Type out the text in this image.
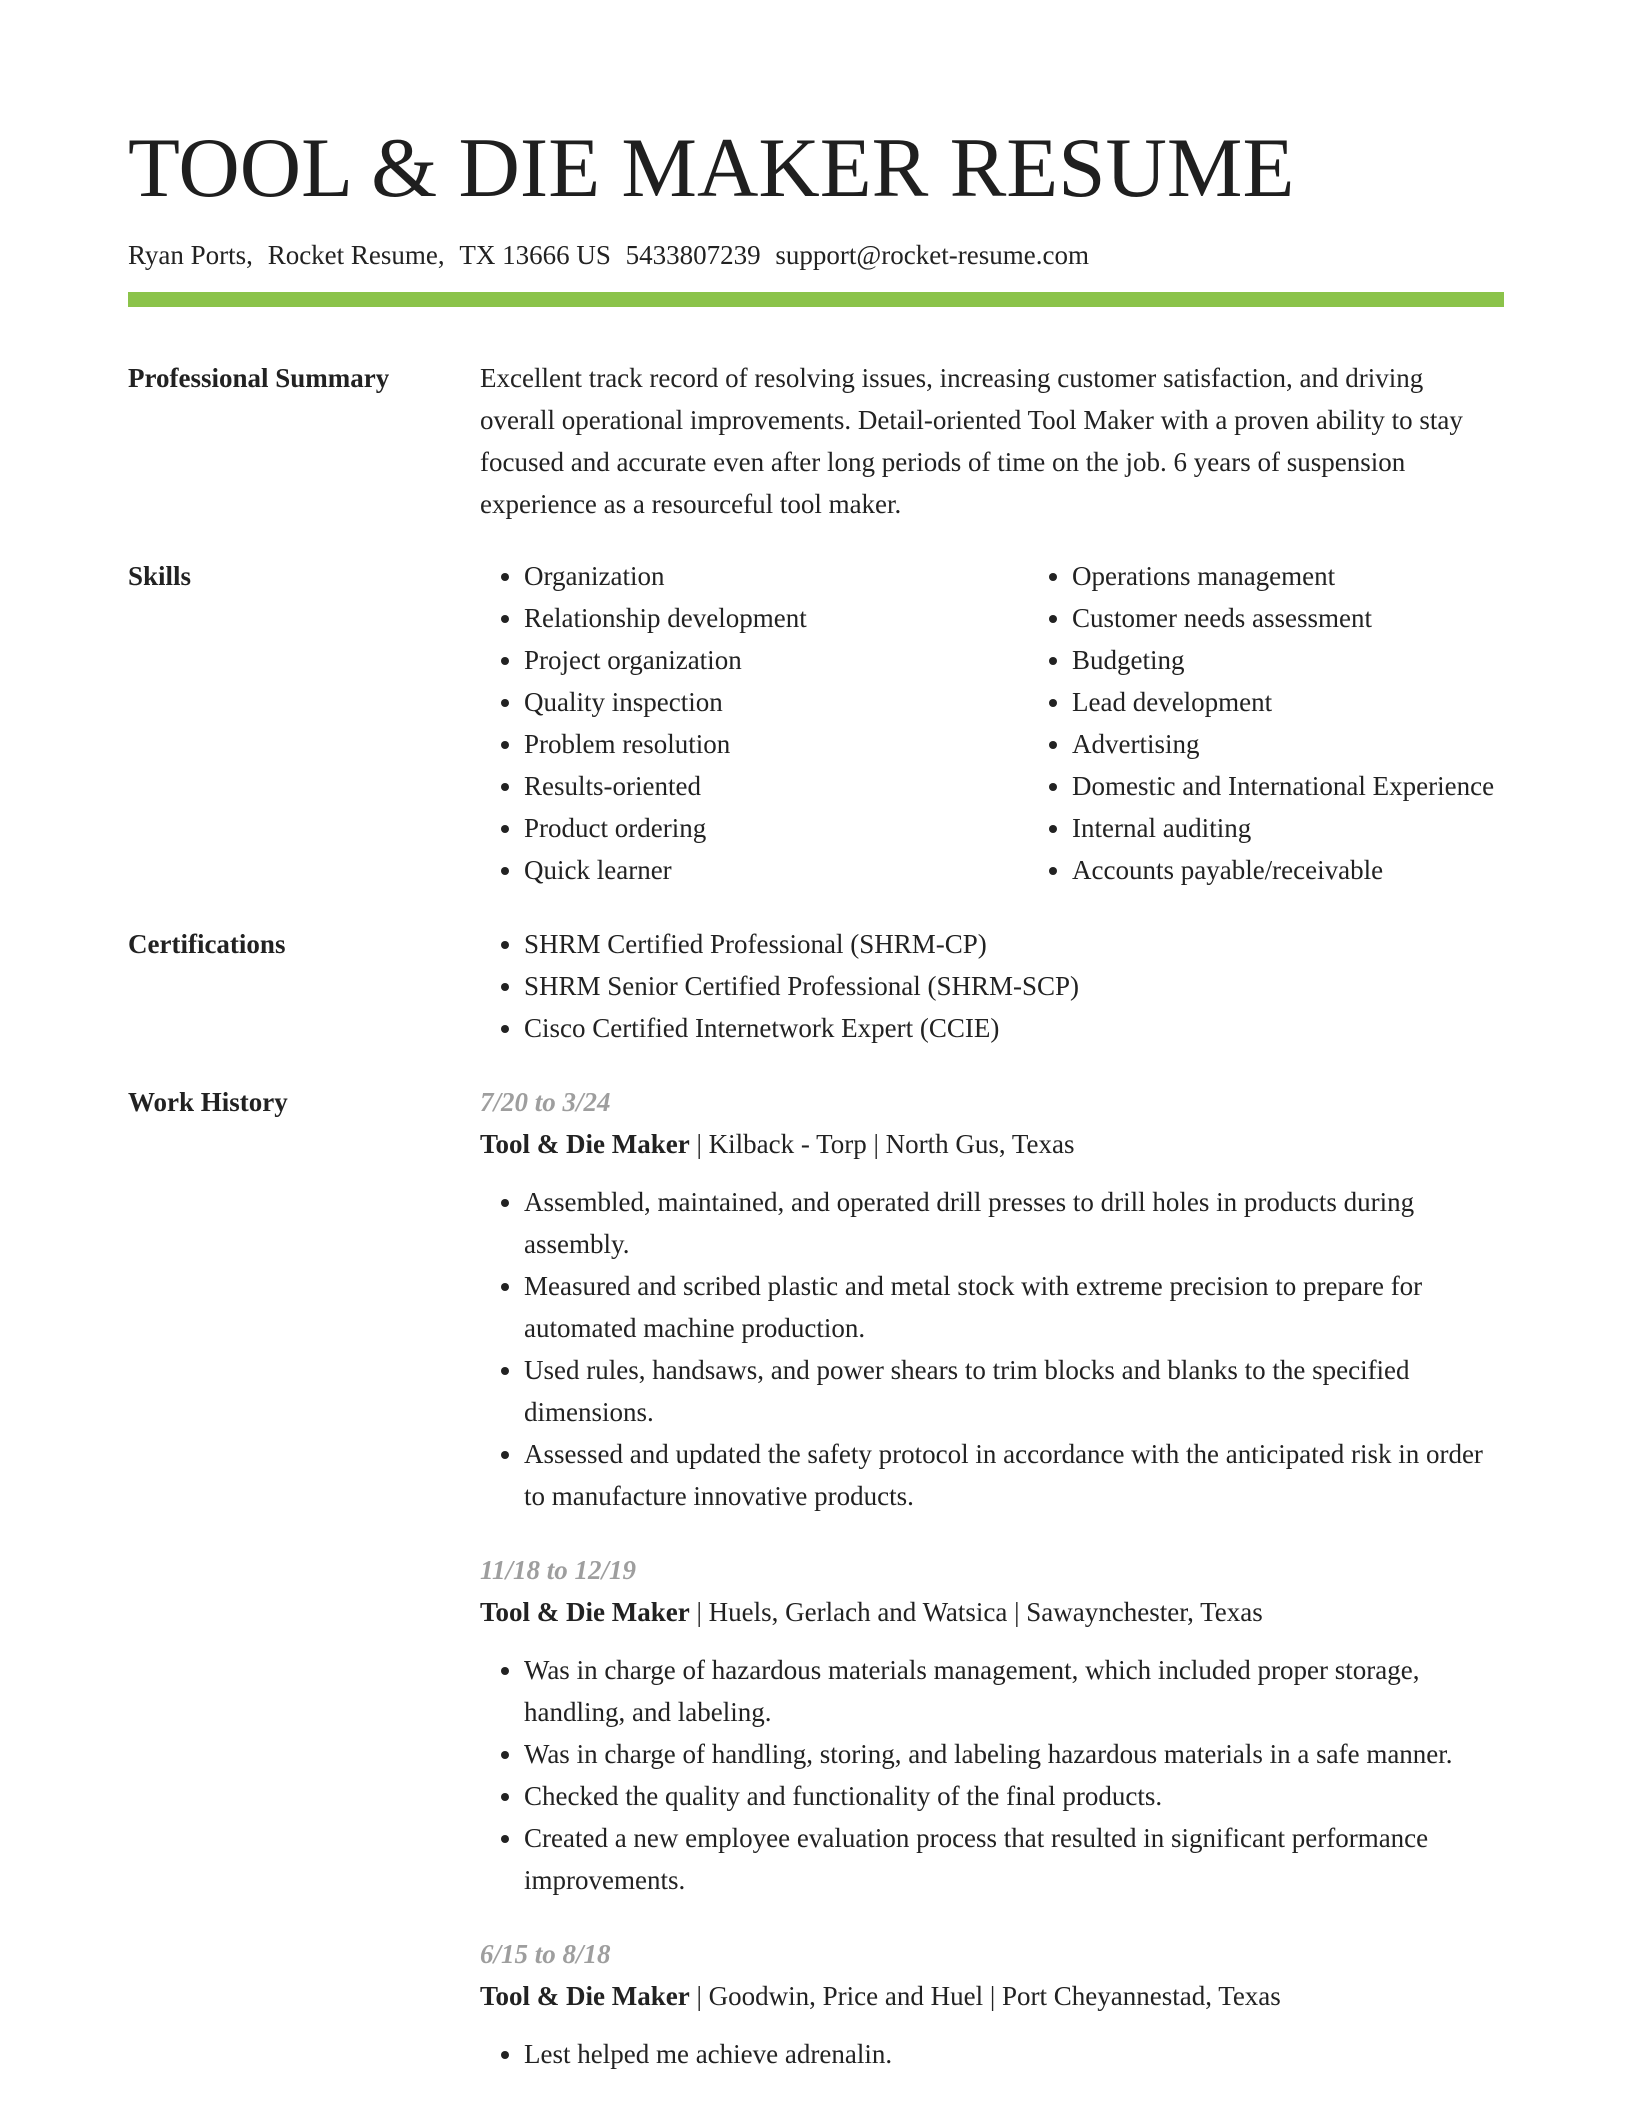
TOOL & DIE MAKER RESUME
Ryan Ports, Rocket Resume, TX 13666 US 5433807239 support@rocket-resume.com
Professional Summary	Excellent track record of resolving issues, increasing customer satisfaction, and driving overall operational improvements. Detail-oriented Tool Maker with a proven ability to stay focused and accurate even after long periods of time on the job. 6 years of suspension experience as a resourceful tool maker.
Skills	• Organization
• Relationship development
• Project organization
• Quality inspection
• Problem resolution
• Results-oriented
• Product ordering
• Quick learner
• Operations management
• Customer needs assessment
• Budgeting
• Lead development
• Advertising
• Domestic and International Experience
• Internal auditing
• Accounts payable/receivable
Certifications	• SHRM Certified Professional (SHRM-CP)
• SHRM Senior Certified Professional (SHRM-SCP)
• Cisco Certified Internetwork Expert (CCIE)
Work History	7/20 to 3/24
Tool & Die Maker | Kilback - Torp | North Gus, Texas
• Assembled, maintained, and operated drill presses to drill holes in products during assembly.
• Measured and scribed plastic and metal stock with extreme precision to prepare for automated machine production.
• Used rules, handsaws, and power shears to trim blocks and blanks to the specified dimensions.
• Assessed and updated the safety protocol in accordance with the anticipated risk in order to manufacture innovative products.
11/18 to 12/19
Tool & Die Maker | Huels, Gerlach and Watsica | Sawaynchester, Texas
• Was in charge of hazardous materials management, which included proper storage, handling, and labeling.
• Was in charge of handling, storing, and labeling hazardous materials in a safe manner.
• Checked the quality and functionality of the final products.
• Created a new employee evaluation process that resulted in significant performance improvements.
6/15 to 8/18
Tool & Die Maker | Goodwin, Price and Huel | Port Cheyannestad, Texas
• Lest helped me achieve adrenalin.
